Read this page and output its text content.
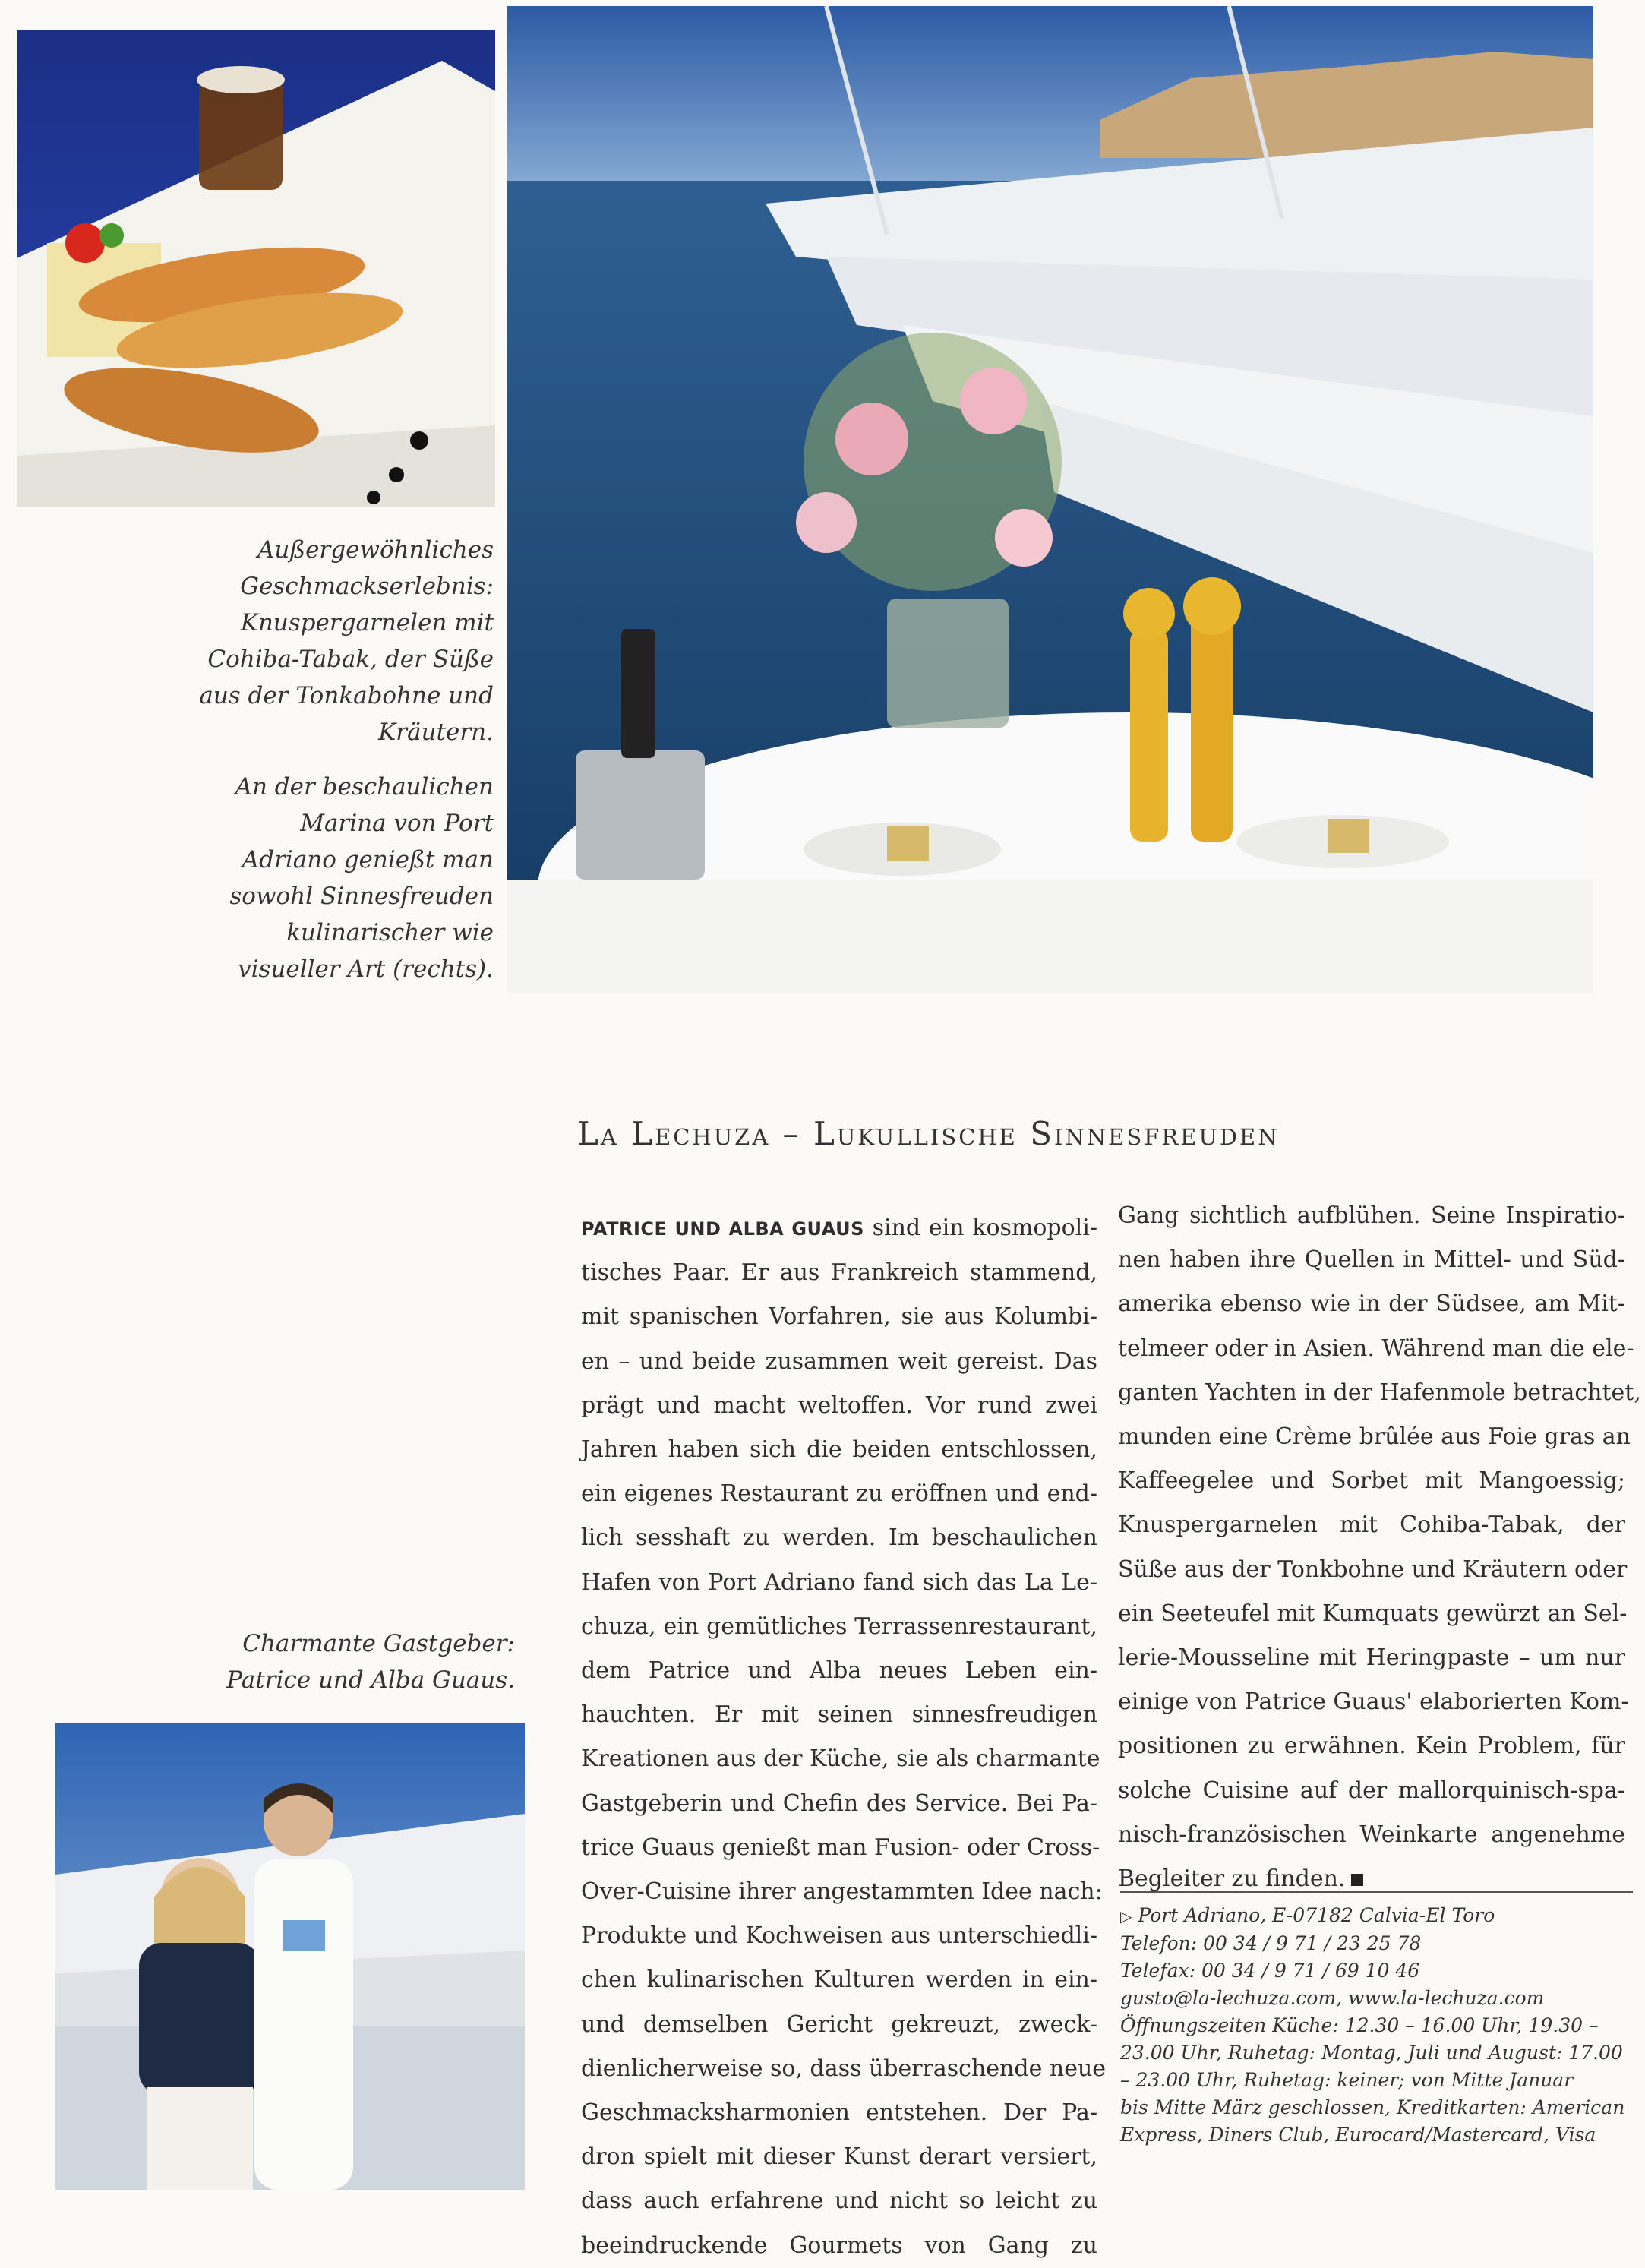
Außergewöhnliches
Geschmackserlebnis:
Knuspergarnelen mit
Cohiba-Tabak, der Süße
aus der Tonkabohne und
Kräutern.
An der beschaulichen
Marina von Port
Adriano genießt man
sowohl Sinnesfreuden
kulinarischer wie
visueller Art (rechts).
Charmante Gastgeber:
Patrice und Alba Guaus.
La Lechuza – Lukullische Sinnesfreuden
PATRICE UND ALBA GUAUS sind ein kosmopoli-
tisches Paar. Er aus Frankreich stammend,
mit spanischen Vorfahren, sie aus Kolumbi-
en – und beide zusammen weit gereist. Das
prägt und macht weltoffen. Vor rund zwei
Jahren haben sich die beiden entschlossen,
ein eigenes Restaurant zu eröffnen und end-
lich sesshaft zu werden. Im beschaulichen
Hafen von Port Adriano fand sich das La Le-
chuza, ein gemütliches Terrassenrestaurant,
dem Patrice und Alba neues Leben ein-
hauchten. Er mit seinen sinnesfreudigen
Kreationen aus der Küche, sie als charmante
Gastgeberin und Chefin des Service. Bei Pa-
trice Guaus genießt man Fusion- oder Cross-
Over-Cuisine ihrer angestammten Idee nach:
Produkte und Kochweisen aus unterschiedli-
chen kulinarischen Kulturen werden in ein-
und demselben Gericht gekreuzt, zweck-
dienlicherweise so, dass überraschende neue
Geschmacksharmonien entstehen. Der Pa-
dron spielt mit dieser Kunst derart versiert,
dass auch erfahrene und nicht so leicht zu
beeindruckende Gourmets von Gang zu
Gang sichtlich aufblühen. Seine Inspiratio-
nen haben ihre Quellen in Mittel- und Süd-
amerika ebenso wie in der Südsee, am Mit-
telmeer oder in Asien. Während man die ele-
ganten Yachten in der Hafenmole betrachtet,
munden eine Crème brûlée aus Foie gras an
Kaffeegelee und Sorbet mit Mangoessig;
Knuspergarnelen mit Cohiba-Tabak, der
Süße aus der Tonkbohne und Kräutern oder
ein Seeteufel mit Kumquats gewürzt an Sel-
lerie-Mousseline mit Heringpaste – um nur
einige von Patrice Guaus' elaborierten Kom-
positionen zu erwähnen. Kein Problem, für
solche Cuisine auf der mallorquinisch-spa-
nisch-französischen Weinkarte angenehme
Begleiter zu finden.
▷ Port Adriano, E-07182 Calvia-El Toro
Telefon: 00 34 / 9 71 / 23 25 78
Telefax: 00 34 / 9 71 / 69 10 46
gusto@la-lechuza.com, www.la-lechuza.com
Öffnungszeiten Küche: 12.30 – 16.00 Uhr, 19.30 –
23.00 Uhr, Ruhetag: Montag, Juli und August: 17.00
– 23.00 Uhr, Ruhetag: keiner; von Mitte Januar
bis Mitte März geschlossen, Kreditkarten: American
Express, Diners Club, Eurocard/Mastercard, Visa
